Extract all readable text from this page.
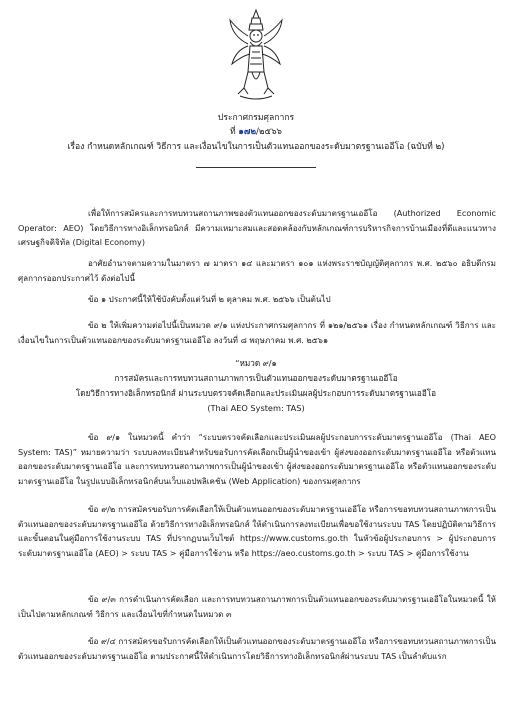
ประกาศกรมศุลกากร
ที่ ๑๗๒/๒๕๖๖
เรื่อง กำหนดหลักเกณฑ์ วิธีการ และเงื่อนไขในการเป็นตัวแทนออกของระดับมาตรฐานเออีโอ (ฉบับที่ ๒)

เพื่อให้การสมัครและการทบทวนสถานภาพของตัวแทนออกของระดับมาตรฐานเออีโอ (Authorized Economic Operator: AEO) โดยวิธีการทางอิเล็กทรอนิกส์ มีความเหมาะสมและสอดคล้องกับหลักเกณฑ์การบริหารกิจการบ้านเมืองที่ดีและแนวทางเศรษฐกิจดิจิทัล (Digital Economy)

อาศัยอำนาจตามความในมาตรา ๗ มาตรา ๑๔ และมาตรา ๑๐๑ แห่งพระราชบัญญัติศุลกากร พ.ศ. ๒๕๖๐ อธิบดีกรมศุลกากรออกประกาศไว้ ดังต่อไปนี้

ข้อ ๑ ประกาศนี้ให้ใช้บังคับตั้งแต่วันที่ ๒ ตุลาคม พ.ศ. ๒๕๖๖ เป็นต้นไป

ข้อ ๒ ให้เพิ่มความต่อไปนี้เป็นหมวด ๙/๑ แห่งประกาศกรมศุลกากร ที่ ๑๒๑/๒๕๖๑ เรื่อง กำหนดหลักเกณฑ์ วิธีการ และเงื่อนไขในการเป็นตัวแทนออกของระดับมาตรฐานเออีโอ ลงวันที่ ๘ พฤษภาคม พ.ศ. ๒๕๖๑

“หมวด ๙/๑
การสมัครและการทบทวนสถานภาพการเป็นตัวแทนออกของระดับมาตรฐานเออีโอ
โดยวิธีการทางอิเล็กทรอนิกส์ ผ่านระบบตรวจคัดเลือกและประเมินผลผู้ประกอบการระดับมาตรฐานเออีโอ
(Thai AEO System: TAS)

ข้อ ๙/๑ ในหมวดนี้ คำว่า “ระบบตรวจคัดเลือกและประเมินผลผู้ประกอบการระดับมาตรฐานเออีโอ (Thai AEO System: TAS)” หมายความว่า ระบบลงทะเบียนสำหรับขอรับการคัดเลือกเป็นผู้นำของเข้า ผู้ส่งของออกระดับมาตรฐานเออีโอ หรือตัวแทนออกของระดับมาตรฐานเออีโอ และการทบทวนสถานภาพการเป็นผู้นำของเข้า ผู้ส่งของออกระดับมาตรฐานเออีโอ หรือตัวแทนออกของระดับมาตรฐานเออีโอ ในรูปแบบอิเล็กทรอนิกส์บนเว็บแอปพลิเคชัน (Web Application) ของกรมศุลกากร

ข้อ ๙/๒ การสมัครขอรับการคัดเลือกให้เป็นตัวแทนออกของระดับมาตรฐานเออีโอ หรือการขอทบทวนสถานภาพการเป็นตัวแทนออกของระดับมาตรฐานเออีโอ ด้วยวิธีการทางอิเล็กทรอนิกส์ ให้ดำเนินการลงทะเบียนเพื่อขอใช้งานระบบ TAS โดยปฏิบัติตามวิธีการและขั้นตอนในคู่มือการใช้งานระบบ TAS ที่ปรากฏบนเว็บไซต์ https://www.customs.go.th ในหัวข้อผู้ประกอบการ > ผู้ประกอบการระดับมาตรฐานเออีโอ (AEO) > ระบบ TAS > คู่มือการใช้งาน หรือ https://aeo.customs.go.th > ระบบ TAS > คู่มือการใช้งาน

ข้อ ๙/๓ การดำเนินการคัดเลือก และการทบทวนสถานภาพการเป็นตัวแทนออกของระดับมาตรฐานเออีโอในหมวดนี้ ให้เป็นไปตามหลักเกณฑ์ วิธีการ และเงื่อนไขที่กำหนดในหมวด ๓

ข้อ ๙/๔ การสมัครขอรับการคัดเลือกให้เป็นตัวแทนออกของระดับมาตรฐานเออีโอ หรือการขอทบทวนสถานภาพการเป็นตัวแทนออกของระดับมาตรฐานเออีโอ ตามประกาศนี้ให้ดำเนินการโดยวิธีการทางอิเล็กทรอนิกส์ผ่านระบบ TAS เป็นลำดับแรก
